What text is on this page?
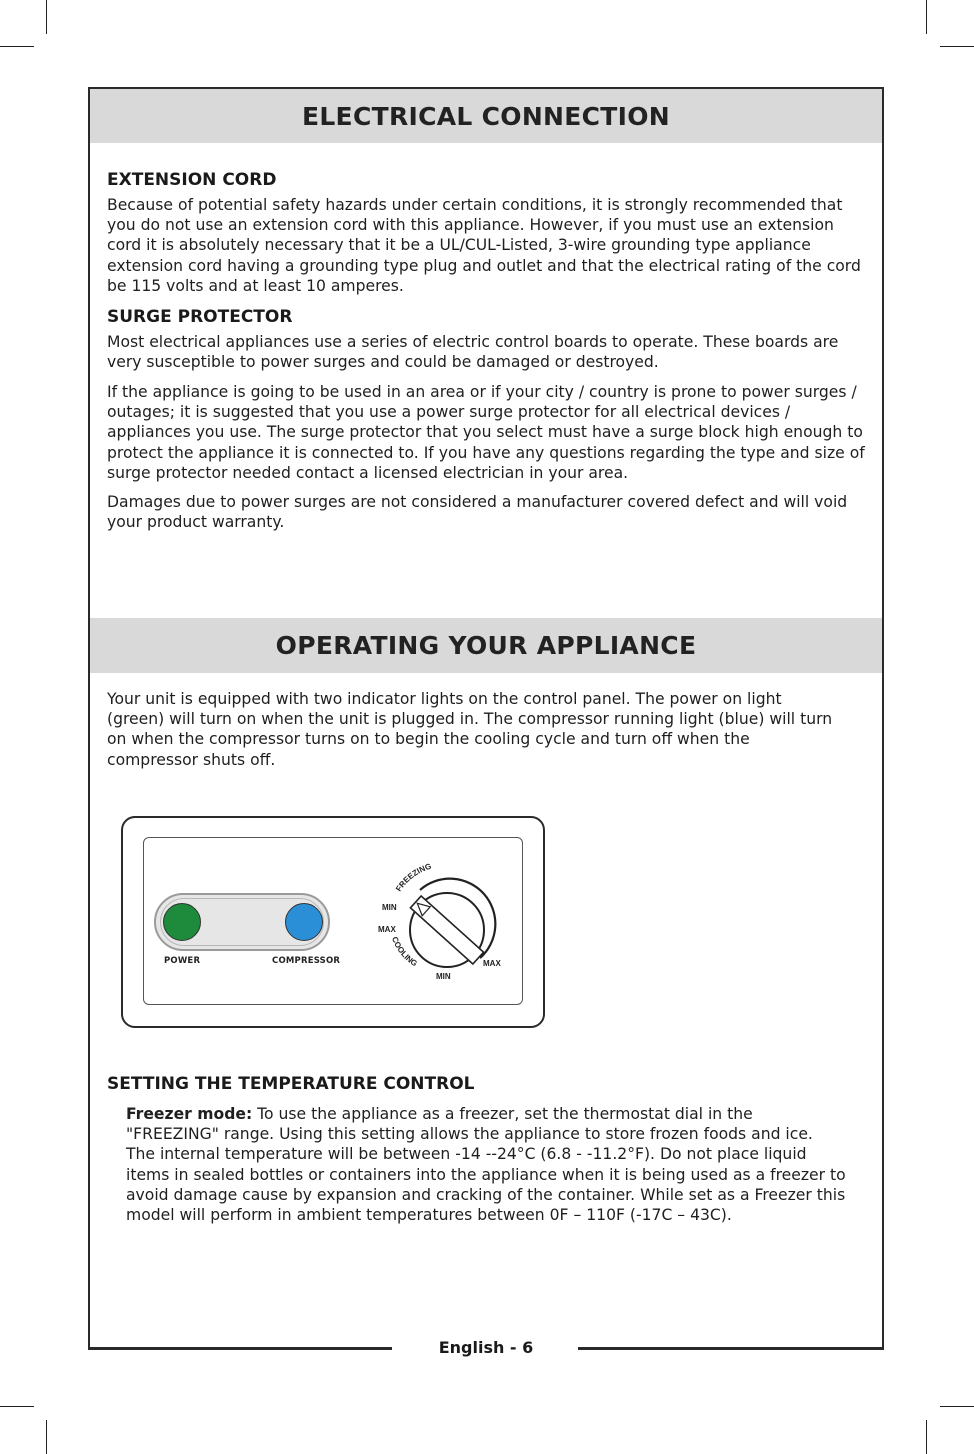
ELECTRICAL CONNECTION
EXTENSION CORD

Because of potential safety hazards under certain conditions, it is strongly recommended that you do not use an extension cord with this appliance. However, if you must use an extension cord it is absolutely necessary that it be a UL/CUL-Listed, 3-wire grounding type appliance extension cord having a grounding type plug and outlet and that the electrical rating of the cord be 115 volts and at least 10 amperes.

SURGE PROTECTOR

Most electrical appliances use a series of electric control boards to operate. These boards are very susceptible to power surges and could be damaged or destroyed.

If the appliance is going to be used in an area or if your city / country is prone to power surges / outages; it is suggested that you use a power surge protector for all electrical devices / appliances you use. The surge protector that you select must have a surge block high enough to protect the appliance it is connected to. If you have any questions regarding the type and size of surge protector needed contact a licensed electrician in your area.

Damages due to power surges are not considered a manufacturer covered defect and will void your product warranty.

OPERATING YOUR APPLIANCE

Your unit is equipped with two indicator lights on the control panel. The power on light (green) will turn on when the unit is plugged in. The compressor running light (blue) will turn on when the compressor turns on to begin the cooling cycle and turn off when the compressor shuts off.

POWER	COMPRESSOR
FREEZING
COOLING
MIN
MAX
MIN
MAX
SETTING THE TEMPERATURE CONTROL

Freezer mode: To use the appliance as a freezer, set the thermostat dial in the "FREEZING" range. Using this setting allows the appliance to store frozen foods and ice. The internal temperature will be between -14 --24°C (6.8 - -11.2°F). Do not place liquid items in sealed bottles or containers into the appliance when it is being used as a freezer to avoid damage cause by expansion and cracking of the container. While set as a Freezer this model will perform in ambient temperatures between 0F – 110F (-17C – 43C).

English - 6
